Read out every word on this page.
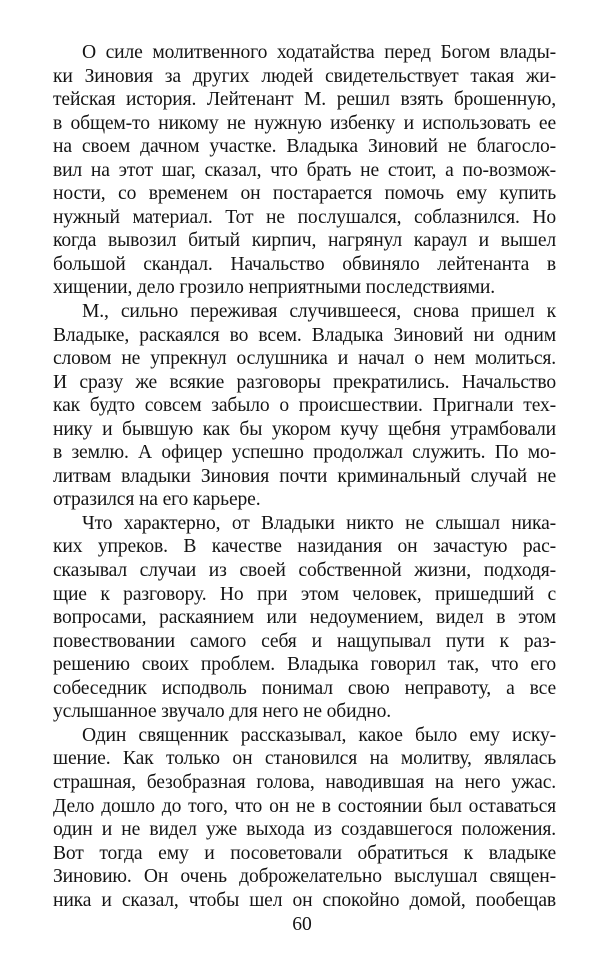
О силе молитвенного ходатайства перед Богом влады-
ки Зиновия за других людей свидетельствует такая жи-
тейская история. Лейтенант М. решил взять брошенную,
в общем-то никому не нужную избенку и использовать ее
на своем дачном участке. Владыка Зиновий не благосло-
вил на этот шаг, сказал, что брать не стоит, а по-возмож-
ности, со временем он постарается помочь ему купить
нужный материал. Тот не послушался, соблазнился. Но
когда вывозил битый кирпич, нагрянул караул и вышел
большой скандал. Начальство обвиняло лейтенанта в
хищении, дело грозило неприятными последствиями.
М., сильно переживая случившееся, снова пришел к
Владыке, раскаялся во всем. Владыка Зиновий ни одним
словом не упрекнул ослушника и начал о нем молиться.
И сразу же всякие разговоры прекратились. Начальство
как будто совсем забыло о происшествии. Пригнали тех-
нику и бывшую как бы укором кучу щебня утрамбовали
в землю. А офицер успешно продолжал служить. По мо-
литвам владыки Зиновия почти криминальный случай не
отразился на его карьере.
Что характерно, от Владыки никто не слышал ника-
ких упреков. В качестве назидания он зачастую рас-
сказывал случаи из своей собственной жизни, подходя-
щие к разговору. Но при этом человек, пришедший с
вопросами, раскаянием или недоумением, видел в этом
повествовании самого себя и нащупывал пути к раз-
решению своих проблем. Владыка говорил так, что его
собеседник исподволь понимал свою неправоту, а все
услышанное звучало для него не обидно.
Один священник рассказывал, какое было ему иску-
шение. Как только он становился на молитву, являлась
страшная, безобразная голова, наводившая на него ужас.
Дело дошло до того, что он не в состоянии был оставаться
один и не видел уже выхода из создавшегося положения.
Вот тогда ему и посоветовали обратиться к владыке
Зиновию. Он очень доброжелательно выслушал священ-
ника и сказал, чтобы шел он спокойно домой, пообещав
60
